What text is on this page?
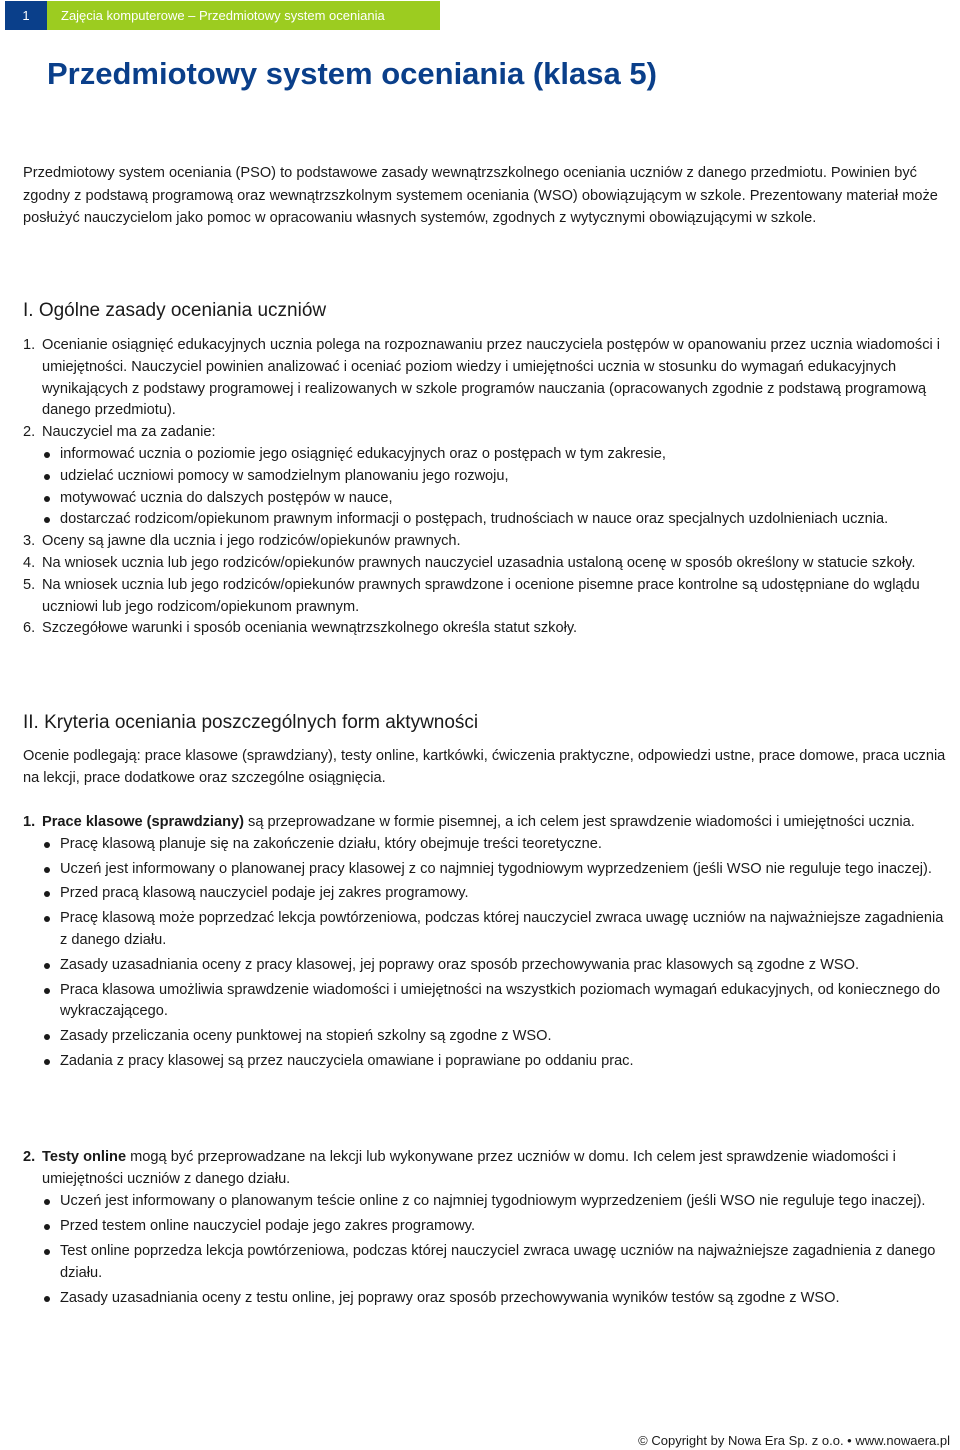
1	Zajęcia komputerowe – Przedmiotowy system oceniania
Przedmiotowy system oceniania (klasa 5)

Przedmiotowy system oceniania (PSO) to podstawowe zasady wewnątrzszkolnego oceniania uczniów z danego przedmiotu. Powinien być zgodny z podstawą programową oraz wewnątrzszkolnym systemem oceniania (WSO) obowiązującym w szkole. Prezentowany materiał może posłużyć nauczycielom jako pomoc w opracowaniu własnych systemów, zgodnych z wytycznymi obowiązującymi w szkole.

I. Ogólne zasady oceniania uczniów
1. Ocenianie osiągnięć edukacyjnych ucznia polega na rozpoznawaniu przez nauczyciela postępów w opanowaniu przez ucznia wiadomości i umiejętności. Nauczyciel powinien analizować i oceniać poziom wiedzy i umiejętności ucznia w stosunku do wymagań edukacyjnych wynikających z podstawy programowej i realizowanych w szkole programów nauczania (opracowanych zgodnie z podstawą programową danego przedmiotu).
2. Nauczyciel ma za zadanie:
informować ucznia o poziomie jego osiągnięć edukacyjnych oraz o postępach w tym zakresie,
udzielać uczniowi pomocy w samodzielnym planowaniu jego rozwoju,
motywować ucznia do dalszych postępów w nauce,
dostarczać rodzicom/opiekunom prawnym informacji o postępach, trudnościach w nauce oraz specjalnych uzdolnieniach ucznia.
3. Oceny są jawne dla ucznia i jego rodziców/opiekunów prawnych.
4. Na wniosek ucznia lub jego rodziców/opiekunów prawnych nauczyciel uzasadnia ustaloną ocenę w sposób określony w statucie szkoły.
5. Na wniosek ucznia lub jego rodziców/opiekunów prawnych sprawdzone i ocenione pisemne prace kontrolne są udostępniane do wglądu uczniowi lub jego rodzicom/opiekunom prawnym.
6. Szczegółowe warunki i sposób oceniania wewnątrzszkolnego określa statut szkoły.
II. Kryteria oceniania poszczególnych form aktywności

Ocenie podlegają: prace klasowe (sprawdziany), testy online, kartkówki, ćwiczenia praktyczne, odpowiedzi ustne, prace domowe, praca ucznia na lekcji, prace dodatkowe oraz szczególne osiągnięcia.

1. Prace klasowe (sprawdziany) są przeprowadzane w formie pisemnej, a ich celem jest sprawdzenie wiadomości i umiejętności ucznia.
Pracę klasową planuje się na zakończenie działu, który obejmuje treści teoretyczne.
Uczeń jest informowany o planowanej pracy klasowej z co najmniej tygodniowym wyprzedzeniem (jeśli WSO nie reguluje tego inaczej).
Przed pracą klasową nauczyciel podaje jej zakres programowy.
Pracę klasową może poprzedzać lekcja powtórzeniowa, podczas której nauczyciel zwraca uwagę uczniów na najważniejsze zagadnienia z danego działu.
Zasady uzasadniania oceny z pracy klasowej, jej poprawy oraz sposób przechowywania prac klasowych są zgodne z WSO.
Praca klasowa umożliwia sprawdzenie wiadomości i umiejętności na wszystkich poziomach wymagań edukacyjnych, od koniecznego do wykraczającego.
Zasady przeliczania oceny punktowej na stopień szkolny są zgodne z WSO.
Zadania z pracy klasowej są przez nauczyciela omawiane i poprawiane po oddaniu prac.
2. Testy online mogą być przeprowadzane na lekcji lub wykonywane przez uczniów w domu. Ich celem jest sprawdzenie wiadomości i umiejętności uczniów z danego działu.
Uczeń jest informowany o planowanym teście online z co najmniej tygodniowym wyprzedzeniem (jeśli WSO nie reguluje tego inaczej).
Przed testem online nauczyciel podaje jego zakres programowy.
Test online poprzedza lekcja powtórzeniowa, podczas której nauczyciel zwraca uwagę uczniów na najważniejsze zagadnienia z danego działu.
Zasady uzasadniania oceny z testu online, jej poprawy oraz sposób przechowywania wyników testów są zgodne z WSO.
© Copyright by Nowa Era Sp. z o.o. • www.nowaera.pl
